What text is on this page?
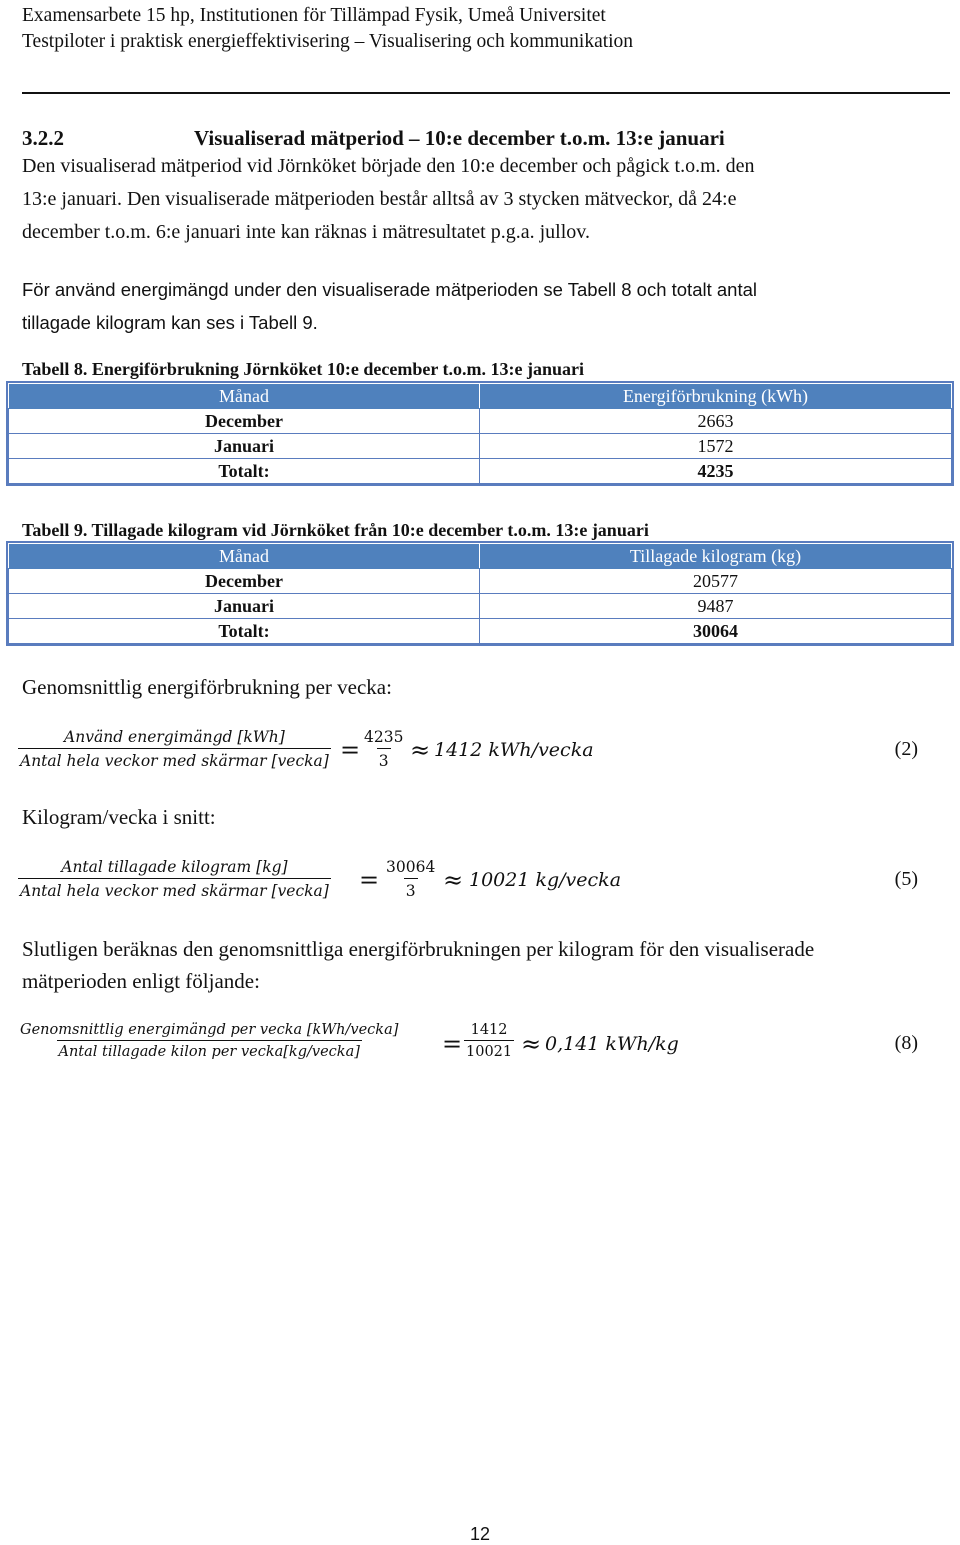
Examensarbete 15 hp, Institutionen för Tillämpad Fysik, Umeå Universitet
Testpiloter i praktisk energieffektivisering – Visualisering och kommunikation
3.2.2	Visualiserad mätperiod – 10:e december t.o.m. 13:e januari
Den visualiserad mätperiod vid Jörnköket började den 10:e december och pågick t.o.m. den
13:e januari. Den visualiserade mätperioden består alltså av 3 stycken mätveckor, då 24:e
december t.o.m. 6:e januari inte kan räknas i mätresultatet p.g.a. jullov.
För använd energimängd under den visualiserade mätperioden se Tabell 8 och totalt antal
tillagade kilogram kan ses i Tabell 9.
Tabell 8. Energiförbrukning Jörnköket 10:e december t.o.m. 13:e januari
Månad	Energiförbrukning (kWh)
December	2663
Januari	1572
Totalt:	4235
Tabell 9. Tillagade kilogram vid Jörnköket från 10:e december t.o.m. 13:e januari
Månad	Tillagade kilogram (kg)
December	20577
Januari	9487
Totalt:	30064
Genomsnittlig energiförbrukning per vecka:
Använd energimängd [kWh]
Antal hela veckor med skärmar [vecka] = $\frac{4235}{3} \approx 1412$ kWh/vecka	(2)
Kilogram/vecka i snitt:
Antal tillagade kilogram [kg]
Antal hela veckor med skärmar [vecka] = $\frac{30064}{3} \approx 10021$ kg/vecka	(5)
Slutligen beräknas den genomsnittliga energiförbrukningen per kilogram för den visualiserade
mätperioden enligt följande:
Genomsnittlig energimängd per vecka [kWh/vecka]
Antal tillagade kilon per vecka[kg/vecka]	= $\frac{1412}{10021} \approx 0,141$ kWh/kg	(8)
12
